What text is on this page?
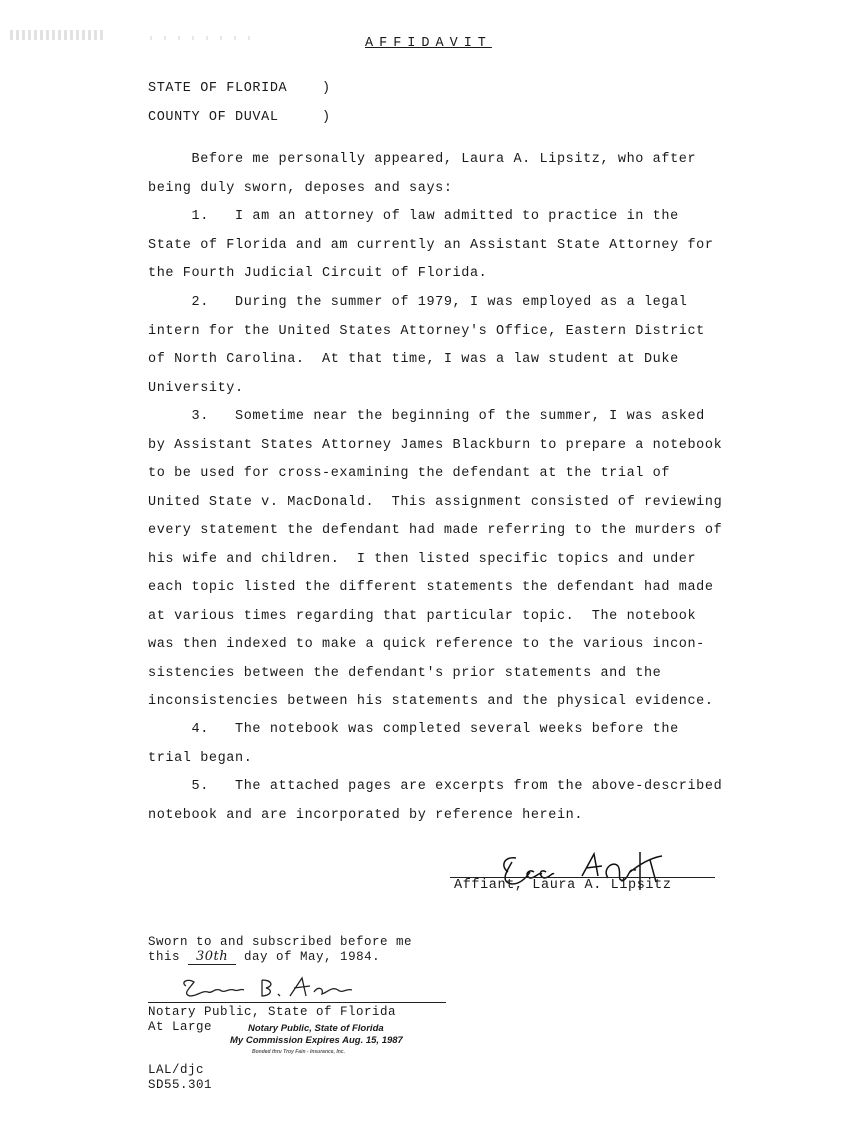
AFFIDAVIT
STATE OF FLORIDA	)
COUNTY OF DUVAL	)
Before me personally appeared, Laura A. Lipsitz, who after
being duly sworn, deposes and says:
1.   I am an attorney of law admitted to practice in the
State of Florida and am currently an Assistant State Attorney for
the Fourth Judicial Circuit of Florida.
2.   During the summer of 1979, I was employed as a legal
intern for the United States Attorney's Office, Eastern District
of North Carolina.  At that time, I was a law student at Duke
University.
3.   Sometime near the beginning of the summer, I was asked
by Assistant States Attorney James Blackburn to prepare a notebook
to be used for cross-examining the defendant at the trial of
United State v. MacDonald.  This assignment consisted of reviewing
every statement the defendant had made referring to the murders of
his wife and children.  I then listed specific topics and under
each topic listed the different statements the defendant had made
at various times regarding that particular topic.  The notebook
was then indexed to make a quick reference to the various incon-
sistencies between the defendant's prior statements and the
inconsistencies between his statements and the physical evidence.
4.   The notebook was completed several weeks before the
trial began.
5.   The attached pages are excerpts from the above-described
notebook and are incorporated by reference herein.
Affiant, Laura A. Lipsitz
Sworn to and subscribed before me
this 30th day of May, 1984.
Notary Public, State of Florida
At Large	Notary Public, State of Florida
My Commission Expires Aug. 15, 1987
Bonded thru Troy Fain - Insurance, Inc.
LAL/djc
SD55.301
